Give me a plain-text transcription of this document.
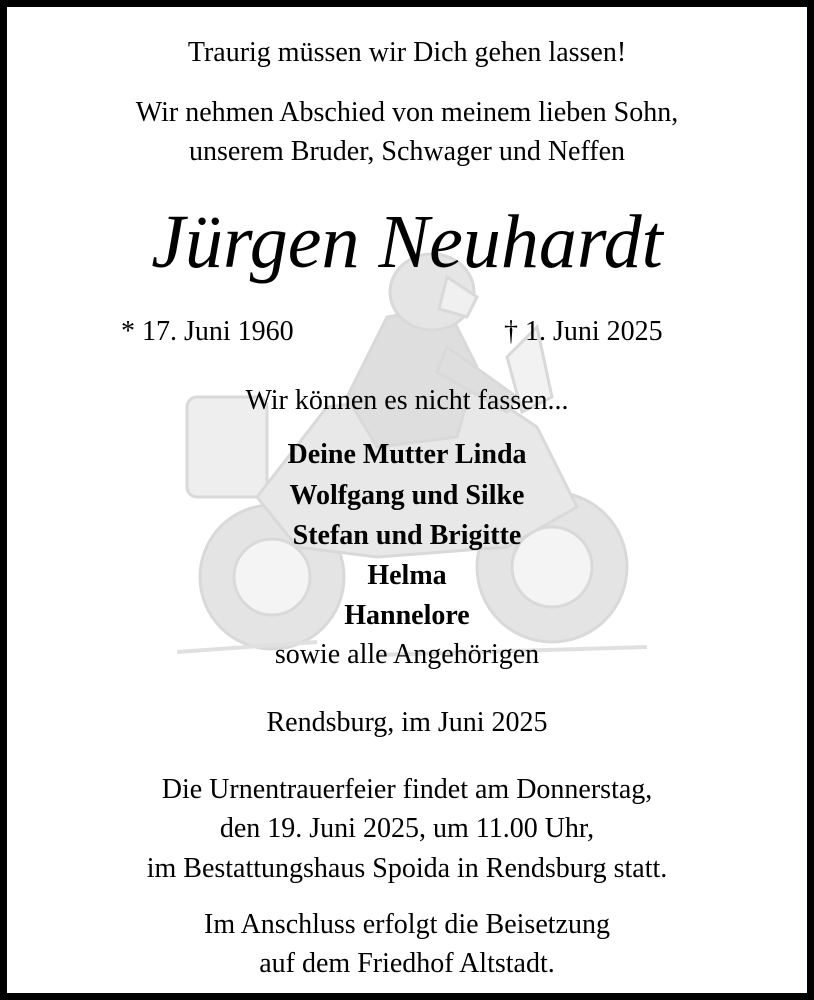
Traurig müssen wir Dich gehen lassen!
Wir nehmen Abschied von meinem lieben Sohn,
unserem Bruder, Schwager und Neffen
Jürgen Neuhardt
* 17. Juni 1960	† 1. Juni 2025
Wir können es nicht fassen...
Deine Mutter Linda
Wolfgang und Silke
Stefan und Brigitte
Helma
Hannelore
sowie alle Angehörigen
Rendsburg, im Juni 2025
Die Urnentrauerfeier findet am Donnerstag,
den 19. Juni 2025, um 11.00 Uhr,
im Bestattungshaus Spoida in Rendsburg statt.
Im Anschluss erfolgt die Beisetzung
auf dem Friedhof Altstadt.
